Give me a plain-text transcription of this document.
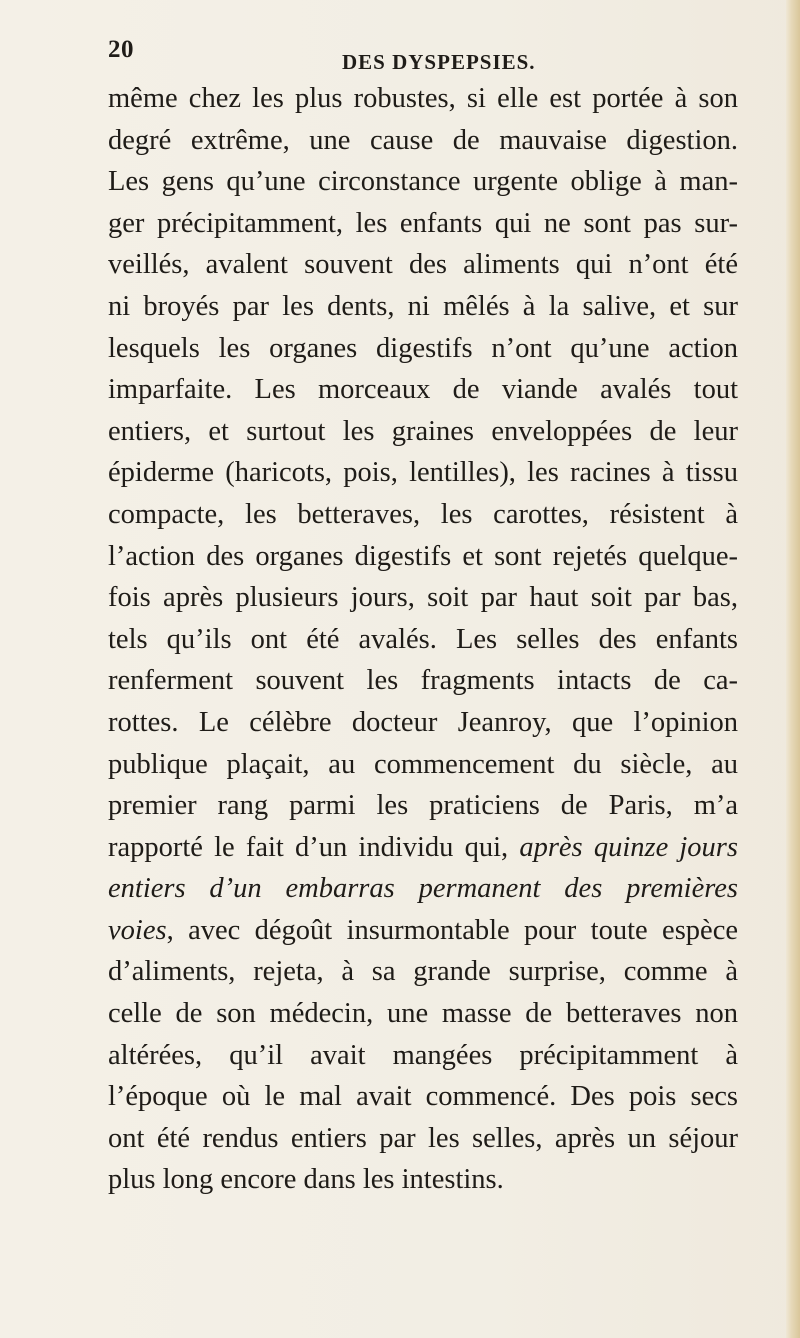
20	DES DYSPEPSIES.
même chez les plus robustes, si elle est portée à son
degré extrême, une cause de mauvaise digestion.
Les gens qu’une circonstance urgente oblige à man-
ger précipitamment, les enfants qui ne sont pas sur-
veillés, avalent souvent des aliments qui n’ont été
ni broyés par les dents, ni mêlés à la salive, et sur
lesquels les organes digestifs n’ont qu’une action
imparfaite. Les morceaux de viande avalés tout
entiers, et surtout les graines enveloppées de leur
épiderme (haricots, pois, lentilles), les racines à tissu
compacte, les betteraves, les carottes, résistent à
l’action des organes digestifs et sont rejetés quelque-
fois après plusieurs jours, soit par haut soit par bas,
tels qu’ils ont été avalés. Les selles des enfants
renferment souvent les fragments intacts de ca-
rottes. Le célèbre docteur Jeanroy, que l’opinion
publique plaçait, au commencement du siècle, au
premier rang parmi les praticiens de Paris, m’a
rapporté le fait d’un individu qui, après quinze jours
entiers d’un embarras permanent des premières
voies, avec dégoût insurmontable pour toute espèce
d’aliments, rejeta, à sa grande surprise, comme à
celle de son médecin, une masse de betteraves non
altérées, qu’il avait mangées précipitamment à
l’époque où le mal avait commencé. Des pois secs
ont été rendus entiers par les selles, après un séjour
plus long encore dans les intestins.
